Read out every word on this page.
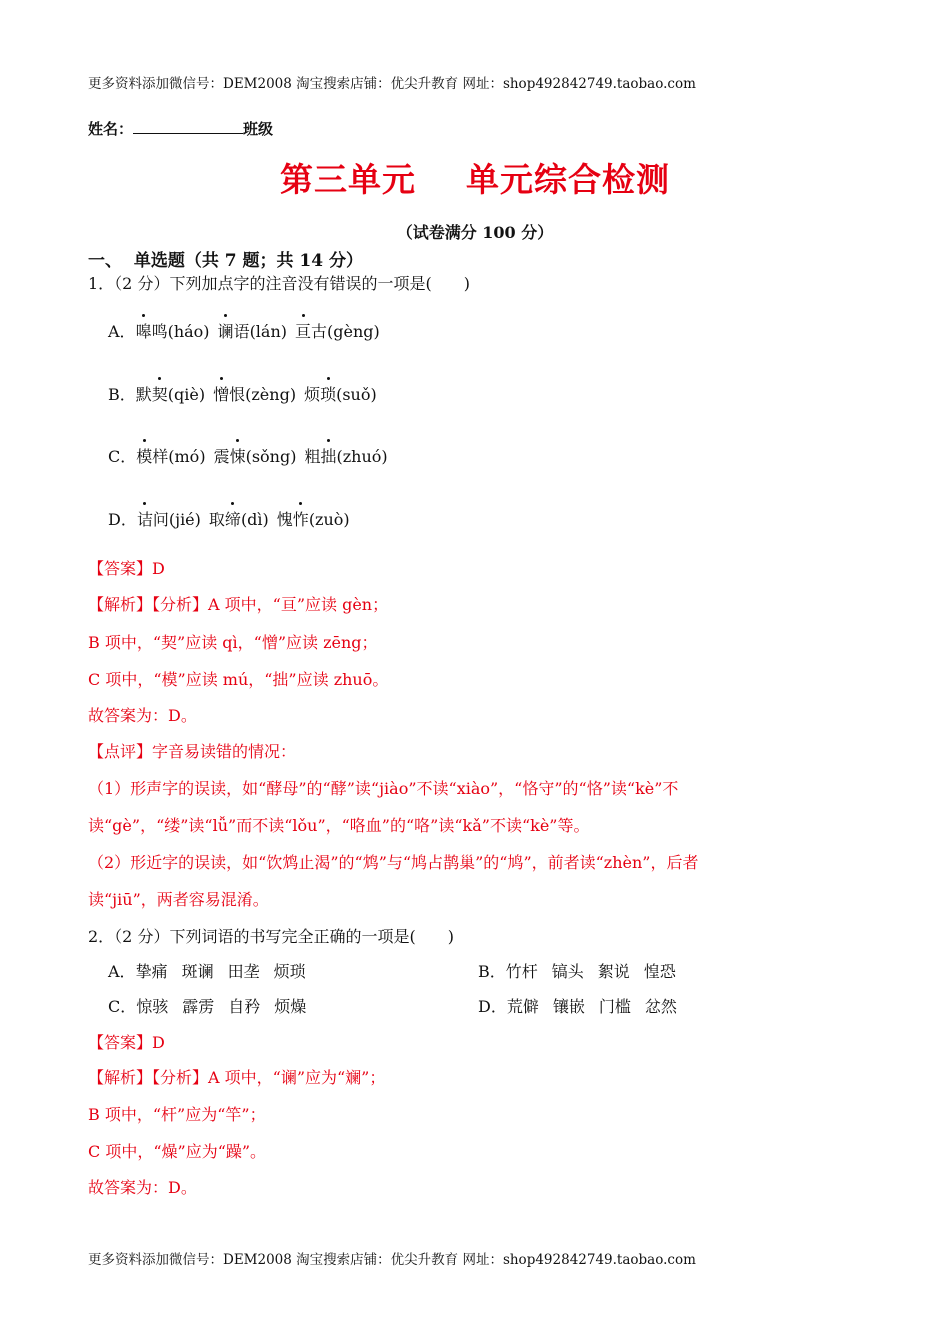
更多资料添加微信号：DEM2008 淘宝搜索店铺：优尖升教育 网址：shop492842749.taobao.com
姓名：	班级
第三单元    单元综合检测
（试卷满分 100 分）
一、  单选题（共 7 题；共 14 分）
1．（2 分）下列加点字的注音没有错误的一项是(　　)
A．嗥鸣(háo) 谰语(lán) 亘古(gèng)
B．默契(qiè) 憎恨(zèng) 烦琐(suǒ)
C．模样(mó) 震悚(sǒng) 粗拙(zhuó)
D．诘问(jié) 取缔(dì) 愧怍(zuò)
【答案】D
【解析】【分析】A 项中，“亘”应读 gèn；
B 项中，“契”应读 qì，“憎”应读 zēng；
C 项中，“模”应读 mú，“拙”应读 zhuō。
故答案为：D。
【点评】字音易读错的情况：
（1）形声字的误读，如“酵母”的“酵”读“jiào”不读“xiào”，“恪守”的“恪”读“kè”不
读“gè”，“缕”读“lǚ”而不读“lǒu”，“咯血”的“咯”读“kǎ”不读“kè”等。
（2）形近字的误读，如“饮鸩止渴”的“鸩”与“鸠占鹊巢”的“鸠”，前者读“zhèn”，后者
读“jiū”，两者容易混淆。
2．（2 分）下列词语的书写完全正确的一项是(　　)
A．挚痛 斑谰 田垄 烦琐	B．竹杆 镐头 絮说 惶恐
C．惊骇 霹雳 自矜 烦燥	D．荒僻 镶嵌 门槛 忿然
【答案】D
【解析】【分析】A 项中，“谰”应为“斓”；
B 项中，“杆”应为“竿”；
C 项中，“燥”应为“躁”。
故答案为：D。
更多资料添加微信号：DEM2008 淘宝搜索店铺：优尖升教育 网址：shop492842749.taobao.com
